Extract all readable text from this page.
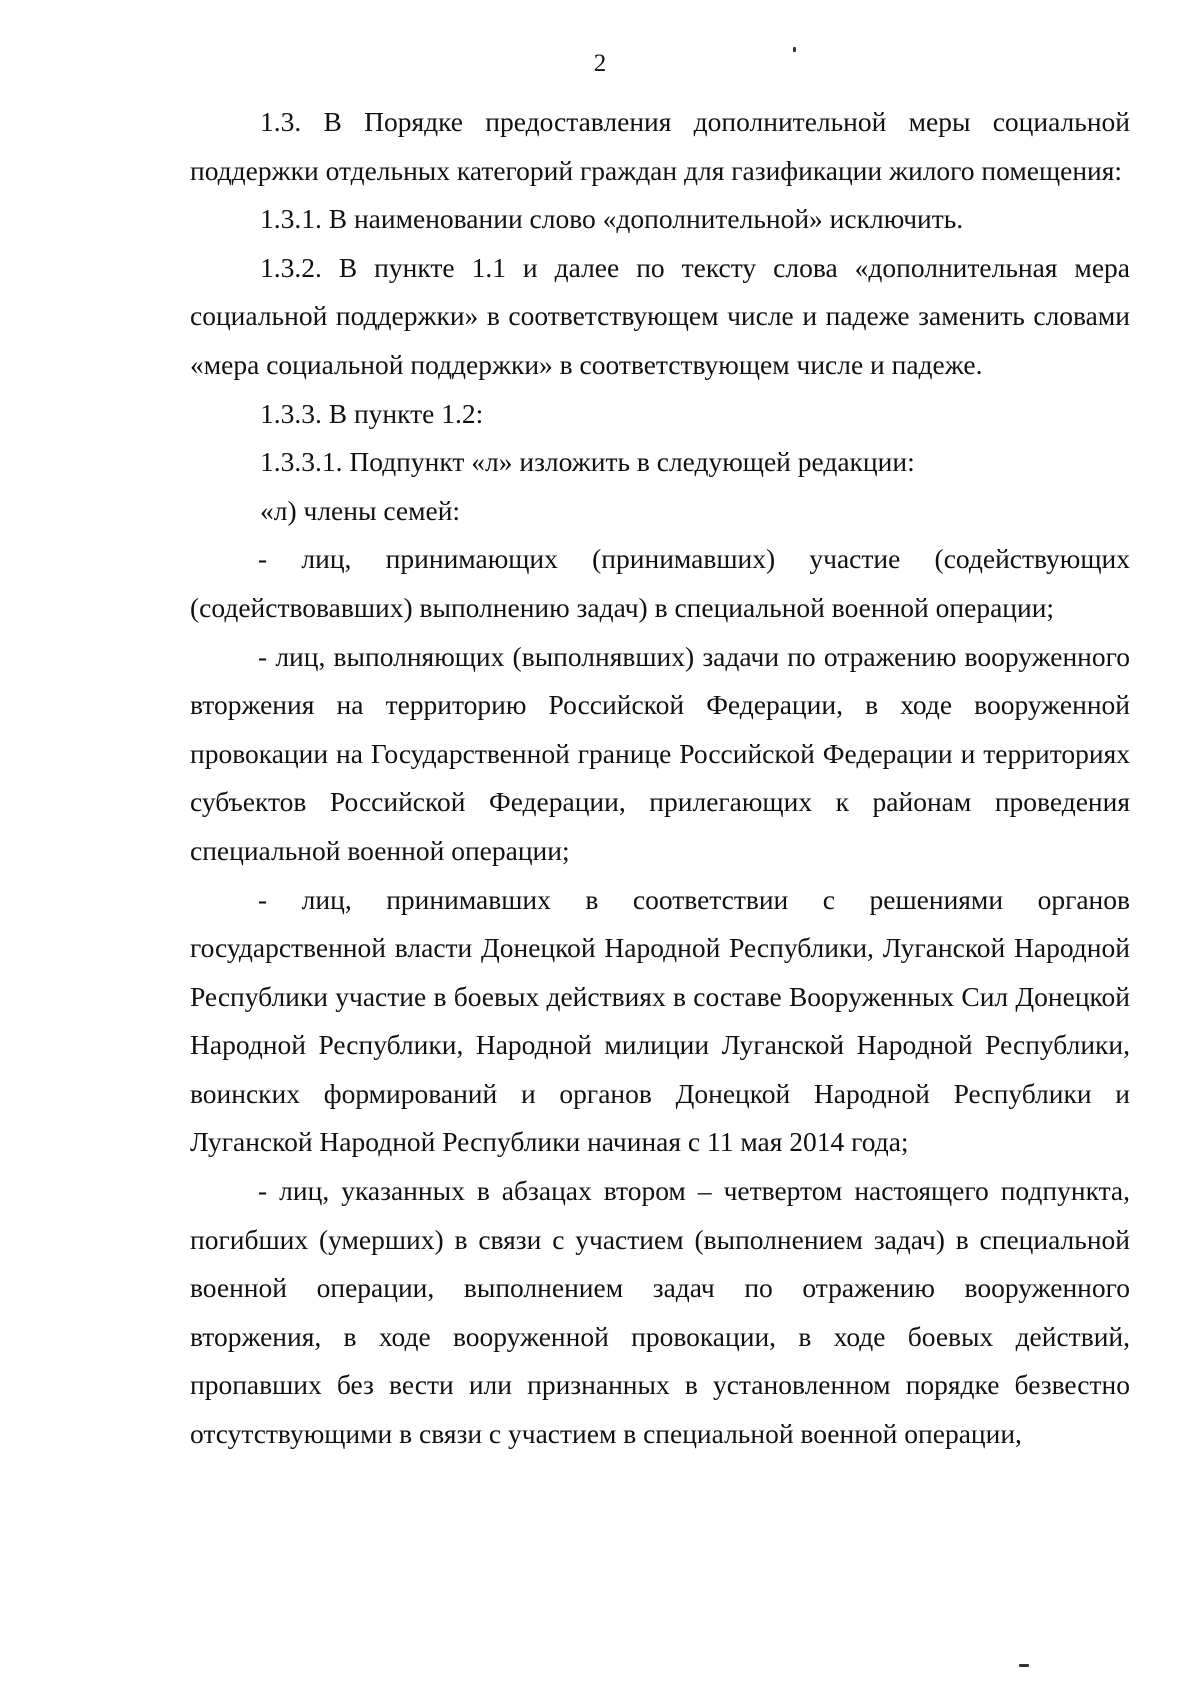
2

1.3. В Порядке предоставления дополнительной меры социальной поддержки отдельных категорий граждан для газификации жилого помещения:

1.3.1. В наименовании слово «дополнительной» исключить.

1.3.2. В пункте 1.1 и далее по тексту слова «дополнительная мера социальной поддержки» в соответствующем числе и падеже заменить словами «мера социальной поддержки» в соответствующем числе и падеже.

1.3.3. В пункте 1.2:

1.3.3.1. Подпункт «л» изложить в следующей редакции:

«л) члены семей:

- лиц, принимающих (принимавших) участие (содействующих (содействовавших) выполнению задач) в специальной военной операции;

- лиц, выполняющих (выполнявших) задачи по отражению вооруженного вторжения на территорию Российской Федерации, в ходе вооруженной провокации на Государственной границе Российской Федерации и территориях субъектов Российской Федерации, прилегающих к районам проведения специальной военной операции;

- лиц, принимавших в соответствии с решениями органов государственной власти Донецкой Народной Республики, Луганской Народной Республики участие в боевых действиях в составе Вооруженных Сил Донецкой Народной Республики, Народной милиции Луганской Народной Республики, воинских формирований и органов Донецкой Народной Республики и Луганской Народной Республики начиная с 11 мая 2014 года;

- лиц, указанных в абзацах втором – четвертом настоящего подпункта, погибших (умерших) в связи с участием (выполнением задач) в специальной военной операции, выполнением задач по отражению вооруженного вторжения, в ходе вооруженной провокации, в ходе боевых действий, пропавших без вести или признанных в установленном порядке безвестно отсутствующими в связи с участием в специальной военной операции,
